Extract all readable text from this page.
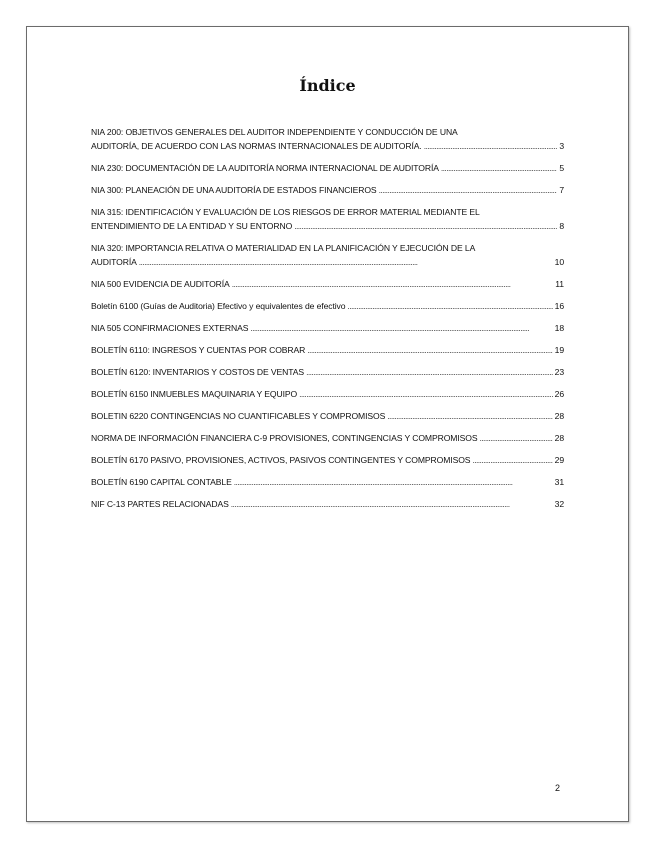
Índice
NIA 200: OBJETIVOS GENERALES DEL AUDITOR INDEPENDIENTE Y CONDUCCIÓN DE UNA
AUDITORÍA, DE ACUERDO CON LAS NORMAS INTERNACIONALES DE AUDITORÍA. . . .	3
NIA 230: DOCUMENTACIÓN DE LA AUDITORÍA NORMA INTERNACIONAL DE AUDITORÍA . . .	5
NIA 300: PLANEACIÓN DE UNA AUDITORÍA DE ESTADOS FINANCIEROS . . .	7
NIA 315: IDENTIFICACIÓN Y EVALUACIÓN DE LOS RIESGOS DE ERROR MATERIAL MEDIANTE EL
ENTENDIMIENTO DE LA ENTIDAD Y SU ENTORNO . . .	8
NIA 320: IMPORTANCIA RELATIVA O MATERIALIDAD EN LA PLANIFICACIÓN Y EJECUCIÓN DE LA
AUDITORÍA . . .	10
NIA 500 EVIDENCIA DE AUDITORÍA . . .	11
Boletín 6100 (Guías de Auditoria) Efectivo y equivalentes de efectivo . . .	16
NIA 505 CONFIRMACIONES EXTERNAS . . .	18
BOLETÍN 6110: INGRESOS Y CUENTAS POR COBRAR . . .	19
BOLETÍN 6120: INVENTARIOS Y COSTOS DE VENTAS . . .	23
BOLETÍN 6150 INMUEBLES MAQUINARIA Y EQUIPO . . .	26
BOLETIN 6220 CONTINGENCIAS NO CUANTIFICABLES Y COMPROMISOS . . .	28
NORMA DE INFORMACIÓN FINANCIERA C-9 PROVISIONES, CONTINGENCIAS Y COMPROMISOS . . .	28
BOLETÍN 6170 PASIVO, PROVISIONES, ACTIVOS, PASIVOS CONTINGENTES Y COMPROMISOS . . .	29
BOLETÍN 6190 CAPITAL CONTABLE . . .	31
NIF C-13 PARTES RELACIONADAS . . .	32
2
